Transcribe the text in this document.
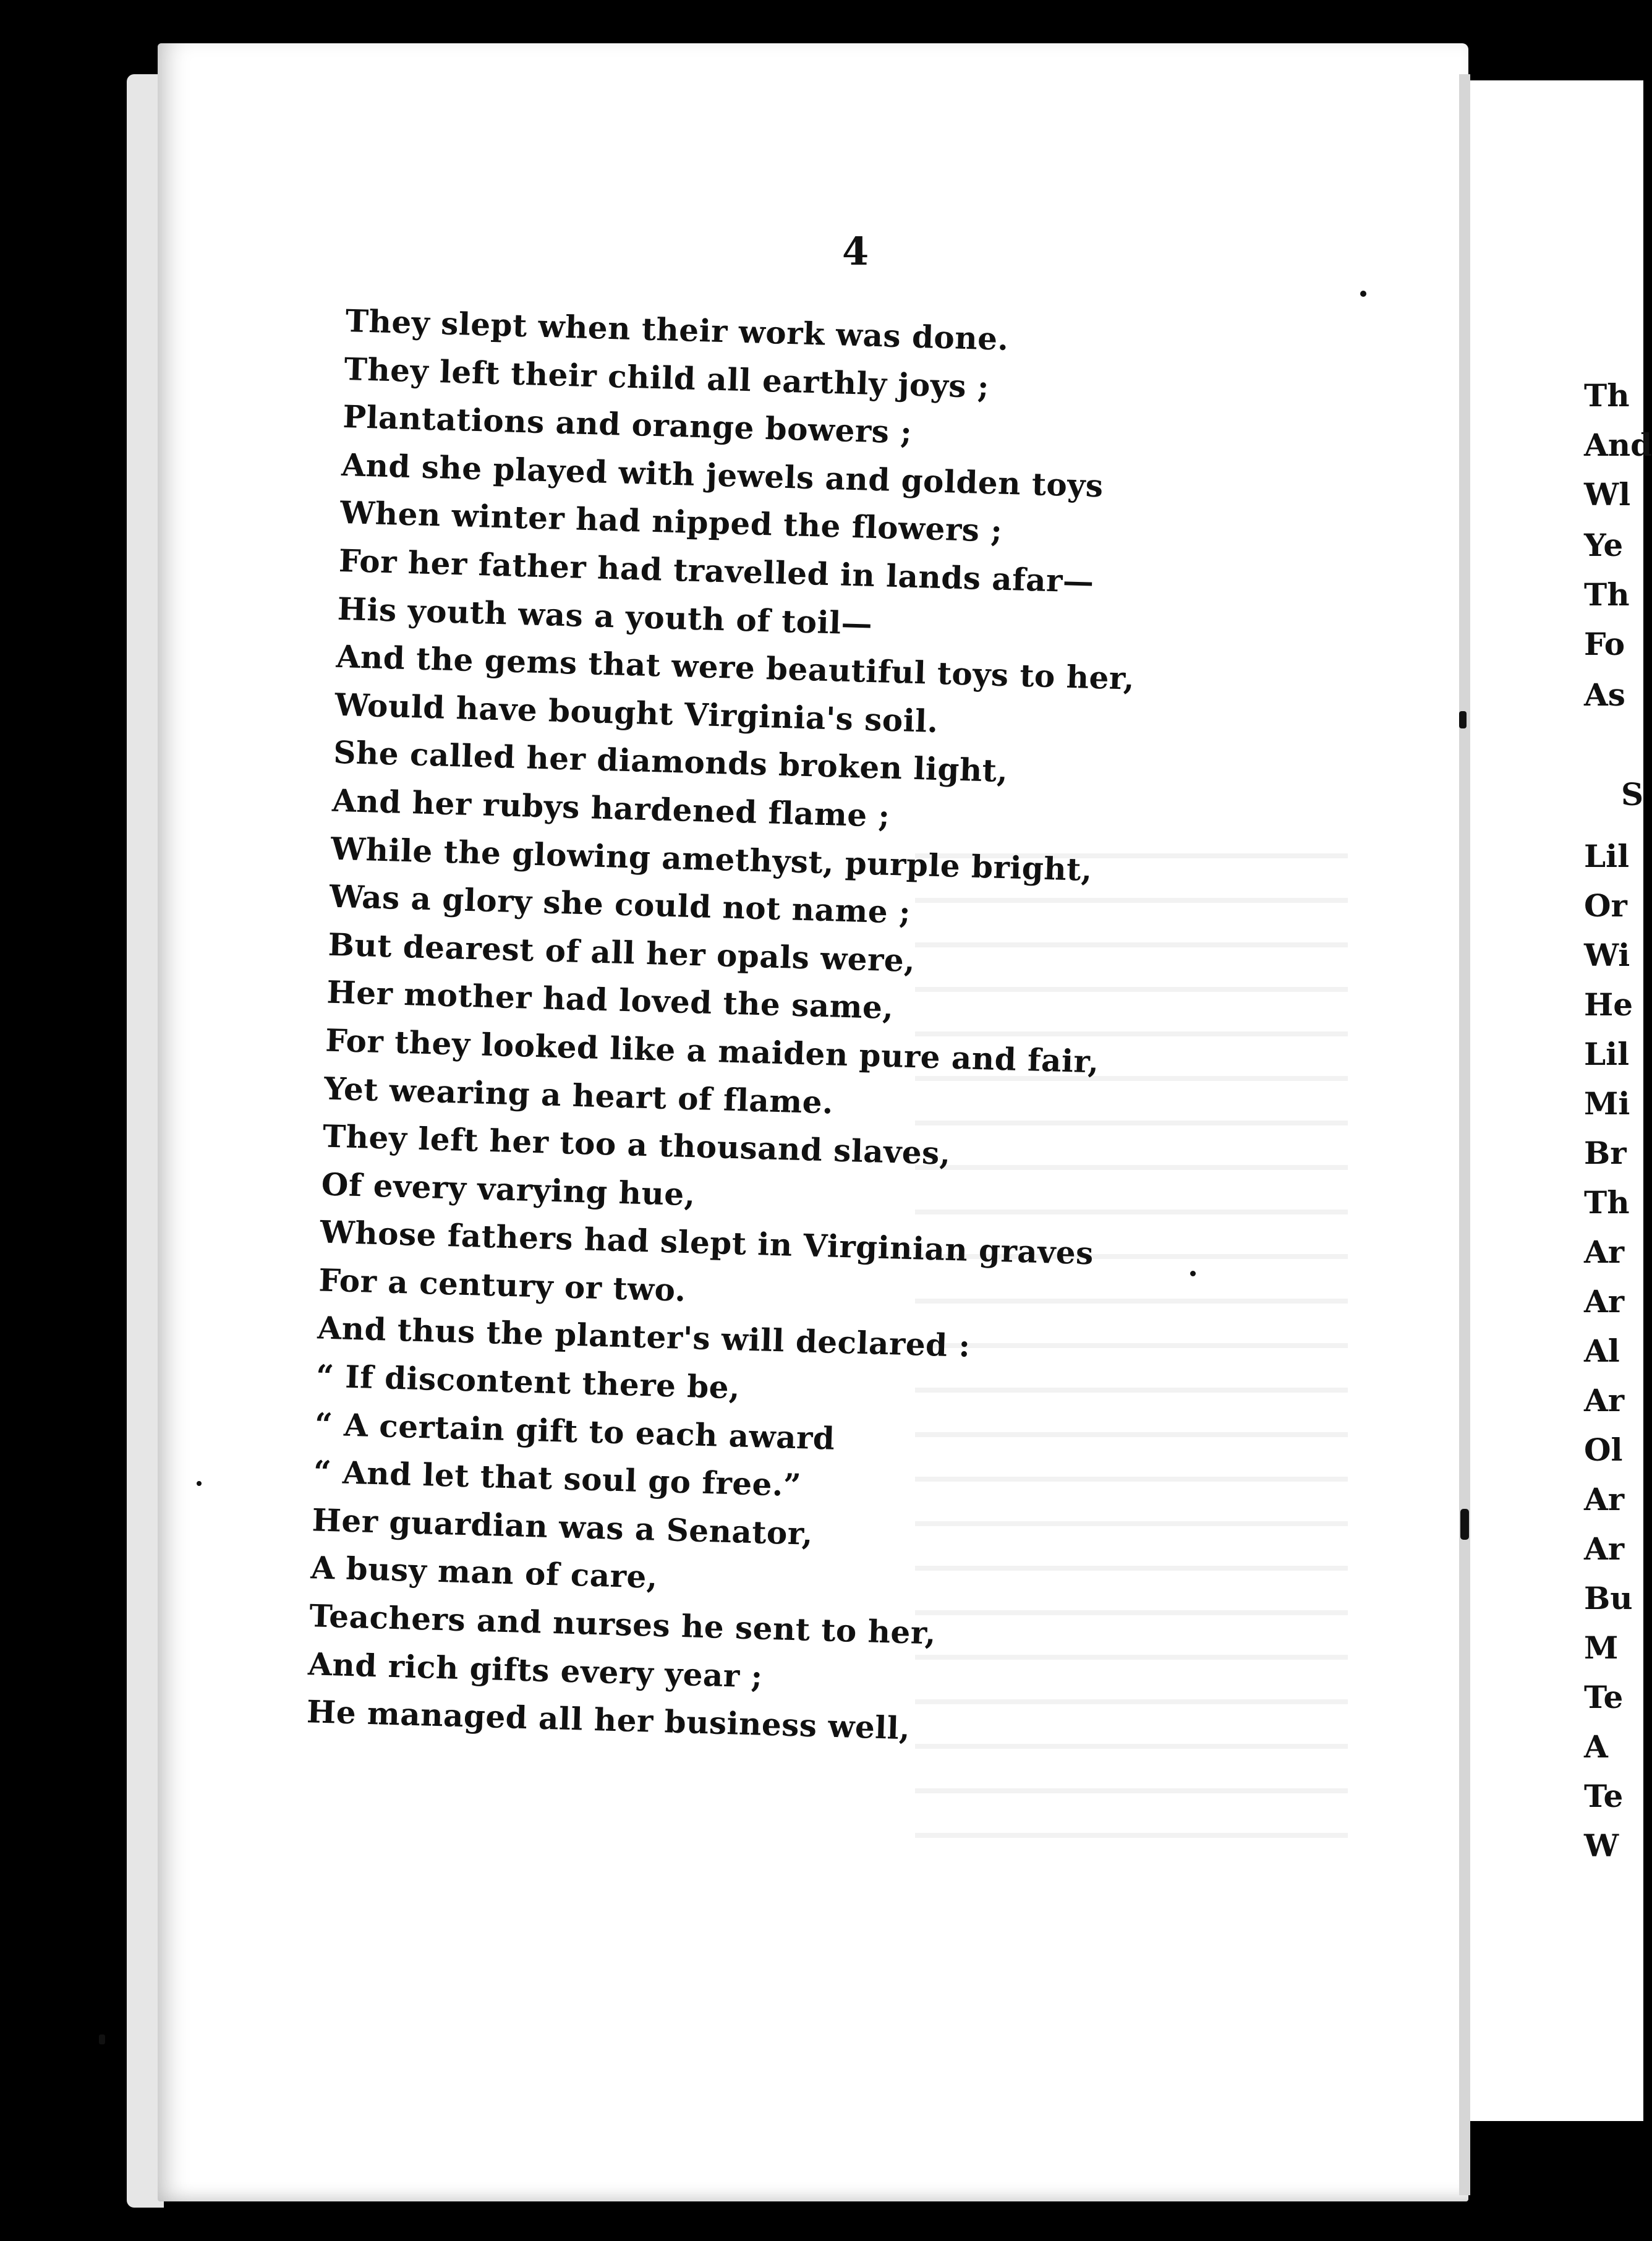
4
They slept when their work was done.
They left their child all earthly joys ;
Plantations and orange bowers ;
And she played with jewels and golden toys
When winter had nipped the flowers ;
For her father had travelled in lands afar—
His youth was a youth of toil—
And the gems that were beautiful toys to her,
Would have bought Virginia's soil.
She called her diamonds broken light,
And her rubys hardened flame ;
While the glowing amethyst, purple bright,
Was a glory she could not name ;
But dearest of all her opals were,
Her mother had loved the same,
For they looked like a maiden pure and fair,
Yet wearing a heart of flame.
They left her too a thousand slaves,
Of every varying hue,
Whose fathers had slept in Virginian graves
For a century or two.
And thus the planter's will declared :
“ If discontent there be,
“ A certain gift to each award
“ And let that soul go free.”
Her guardian was a Senator,
A busy man of care,
Teachers and nurses he sent to her,
And rich gifts every year ;
He managed all her business well,
Th
And
Wl
Ye
Th
Fo
As
S
Lil
Or
Wi
He
Lil
Mi
Br
Th
Ar
Ar
Al
Ar
Ol
Ar
Ar
Bu
M
Te
A
Te
W
